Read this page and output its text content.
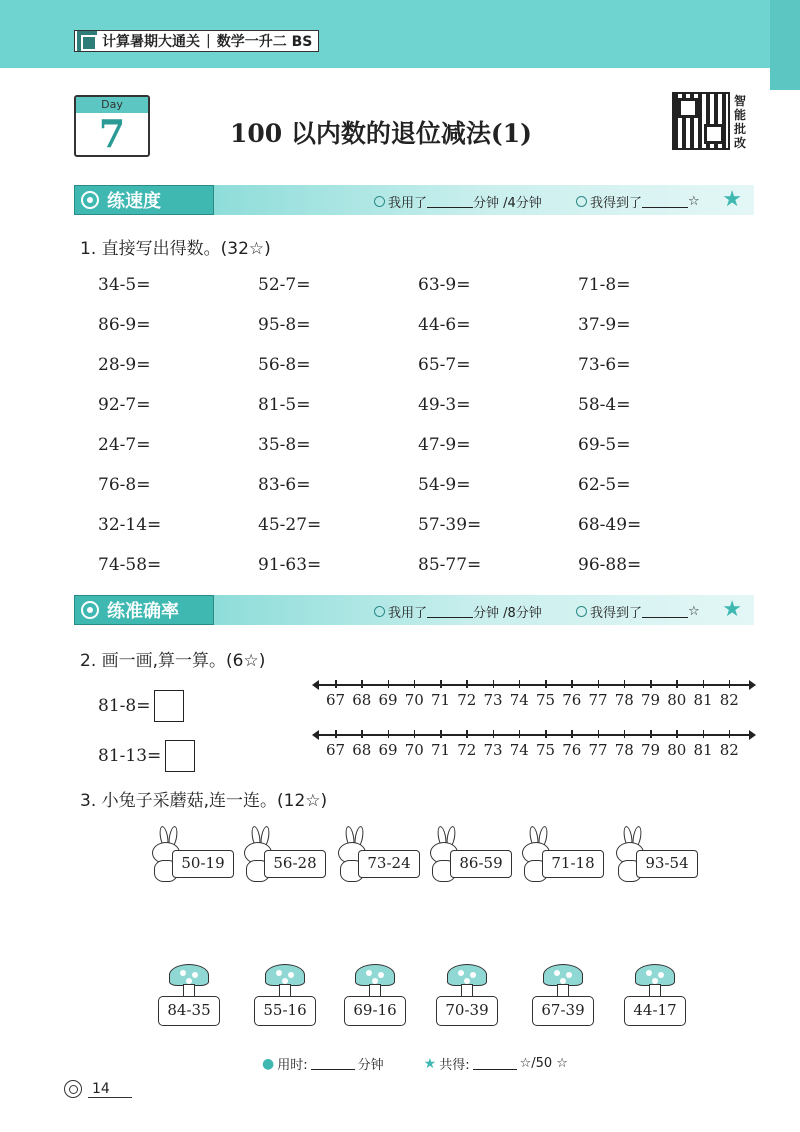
计算暑期大通关 | 数学一升二 BS
Day
7	100 以内数的退位减法(1)
智能批改
练速度	我用了	分钟 /4分钟	我得到了	☆ ★
1. 直接写出得数。(32☆)
34-5=	52-7=	63-9=	71-8=
86-9=	95-8=	44-6=	37-9=
28-9=	56-8=	65-7=	73-6=
92-7=	81-5=	49-3=	58-4=
24-7=	35-8=	47-9=	69-5=
76-8=	83-6=	54-9=	62-5=
32-14=	45-27=	57-39=	68-49=
74-58=	91-63=	85-77=	96-88=
练准确率	我用了	分钟 /8分钟	我得到了	☆ ★
2. 画一画,算一算。(6☆)
81-8=	67 68 69 70 71 72 73 74 75 76 77 78 79 80 81 82
81-13=	67 68 69 70 71 72 73 74 75 76 77 78 79 80 81 82
3. 小兔子采蘑菇,连一连。(12☆)
50-19	56-28	73-24	86-59	71-18	93-54
84-35	55-16	69-16	70-39	67-39	44-17
● 用时:	分钟	★ 共得:	☆/50 ☆
14
